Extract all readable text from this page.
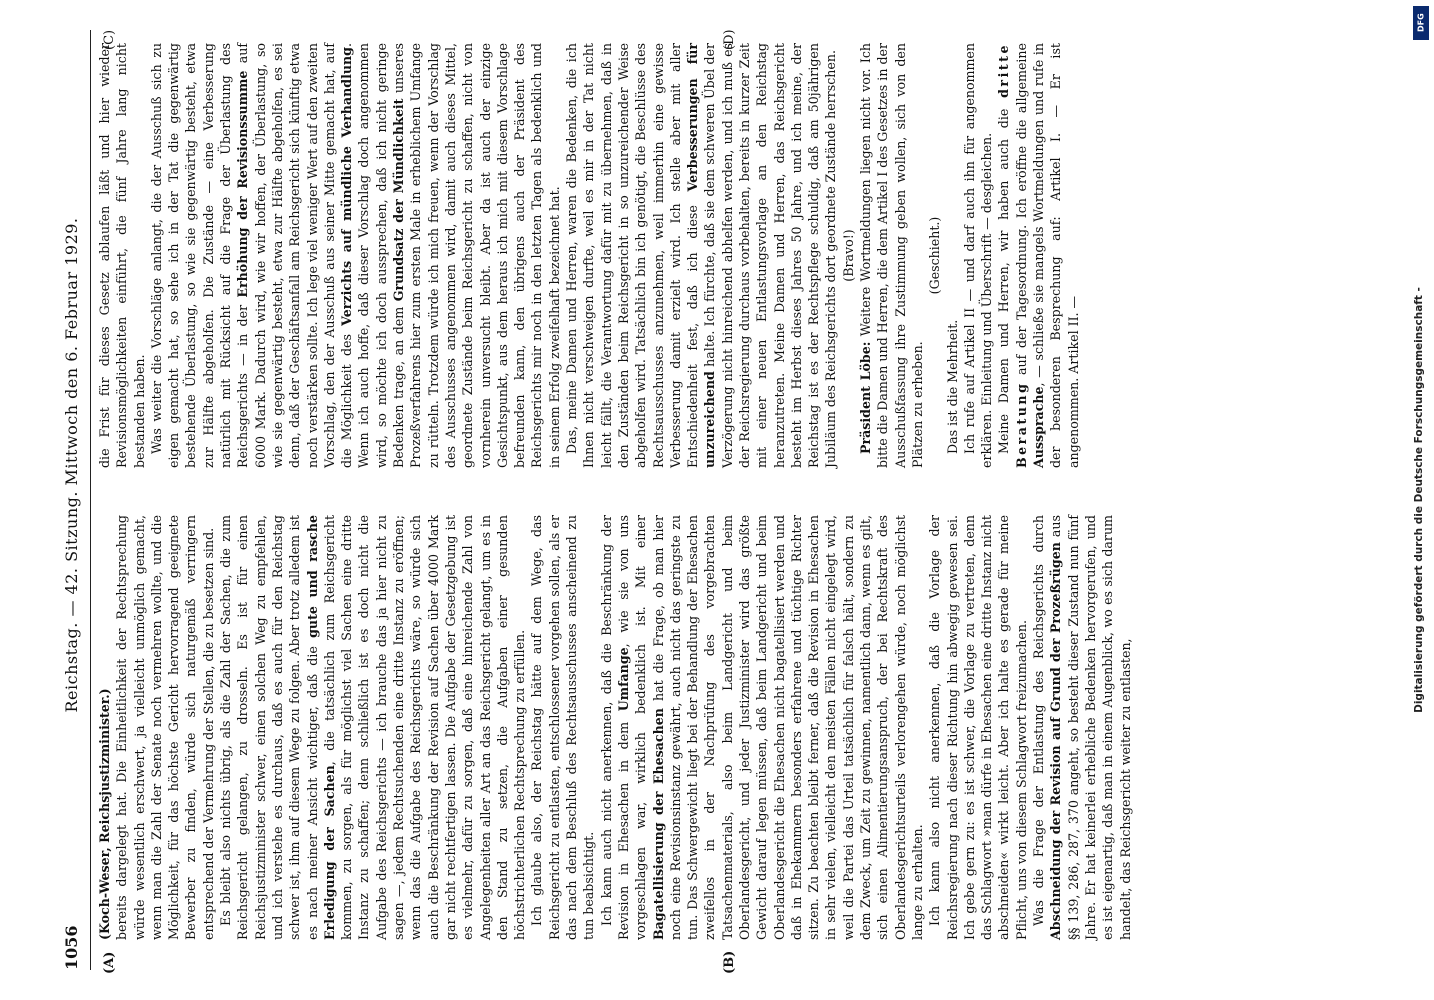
1056
Reichstag. — 42. Sitzung. Mittwoch den 6. Februar 1929.
(A)	(B)
(C)	(D)

(Koch-Weser, Reichsjustizminister.) bereits dargelegt hat. Die Einheitlichkeit der Rechtsprechung würde wesentlich erschwert, ja vielleicht unmöglich gemacht, wenn man die Zahl der Senate noch vermehren wollte, und die Möglichkeit, für das höchste Gericht hervorragend geeignete Bewerber zu finden, würde sich naturgemäß verringern entsprechend der Vermehrung der Stellen, die zu besetzen sind. Es bleibt also nichts übrig, als die Zahl der Sachen, die zum Reichsgericht gelangen, zu drosseln. Es ist für einen Reichsjustizminister schwer, einen solchen Weg zu empfehlen, und ich verstehe es durchaus, daß es auch für den Reichstag schwer ist, ihm auf diesem Wege zu folgen. Aber trotz alledem ist es nach meiner Ansicht wichtiger, daß die gute und rasche Erledigung der Sachen, die tatsächlich zum Reichsgericht kommen, zu sorgen, als für möglichst viel Sachen eine dritte Instanz zu schaffen; denn schließlich ist es doch nicht die Aufgabe des Reichsgerichts — ich brauche das ja hier nicht zu sagen —, jedem Rechtsuchenden eine dritte Instanz zu eröffnen; wenn das die Aufgabe des Reichsgerichts wäre, so würde sich auch die Beschränkung der Revision auf Sachen über 4000 Mark gar nicht rechtfertigen lassen. Die Aufgabe der Gesetzgebung ist es vielmehr, dafür zu sorgen, daß eine hinreichende Zahl von Angelegenheiten aller Art an das Reichsgericht gelangt, um es in den Stand zu setzen, die Aufgaben einer gesunden höchstrichterlichen Rechtsprechung zu erfüllen. Ich glaube also, der Reichstag hätte auf dem Wege, das Reichsgericht zu entlasten, entschlossener vorgehen sollen, als er das nach dem Beschluß des Rechtsausschusses anscheinend zu tun beabsichtigt. Ich kann auch nicht anerkennen, daß die Beschränkung der Revision in Ehesachen in dem Umfange, wie sie von uns vorgeschlagen war, wirklich bedenklich ist. Mit einer Bagatellisierung der Ehesachen hat die Frage, ob man hier noch eine Revisionsinstanz gewährt, auch nicht das geringste zu tun. Das Schwergewicht liegt bei der Behandlung der Ehesachen zweifellos in der Nachprüfung des vorgebrachten Tatsachenmaterials, also beim Landgericht und beim Oberlandesgericht, und jeder Justizminister wird das größte Gewicht darauf legen müssen, daß beim Landgericht und beim Oberlandesgericht die Ehesachen nicht bagatellisiert werden und daß in Ehekammern besonders erfahrene und tüchtige Richter sitzen. Zu beachten bleibt ferner, daß die Revision in Ehesachen in sehr vielen, vielleicht den meisten Fällen nicht eingelegt wird, weil die Partei das Urteil tatsächlich für falsch hält, sondern zu dem Zweck, um Zeit zu gewinnen, namentlich dann, wenn es gilt, sich einen Alimentierungsanspruch, der bei Rechtskraft des Oberlandesgerichtsurteils verlorengehen würde, noch möglichst lange zu erhalten. Ich kann also nicht anerkennen, daß die Vorlage der Reichsregierung nach dieser Richtung hin abwegig gewesen sei. Ich gebe gern zu: es ist schwer, die Vorlage zu vertreten, denn das Schlagwort »man dürfe in Ehesachen eine dritte Instanz nicht abschneiden« wirkt leicht. Aber ich halte es gerade für meine Pflicht, uns von diesem Schlagwort freizumachen. Was die Frage der Entlastung des Reichsgerichts durch Abschneidung der Revision auf Grund der Prozeßrügen aus §§ 139, 286, 287, 370 angeht, so besteht dieser Zustand nun fünf Jahre. Er hat keinerlei erhebliche Bedenken hervorgerufen, und es ist eigenartig, daß man in einem Augenblick, wo es sich darum handelt, das Reichsgericht weiter zu entlasten,

die Frist für dieses Gesetz ablaufen läßt und hier wieder Revisionsmöglichkeiten einführt, die fünf Jahre lang nicht bestanden haben. Was weiter die Vorschläge anlangt, die der Ausschuß sich zu eigen gemacht hat, so sehe ich in der Tat die gegenwärtig bestehende Überlastung, so wie sie gegenwärtig besteht, etwa zur Hälfte abgeholfen. Die Zustände — eine Verbesserung natürlich mit Rücksicht auf die Frage der Überlastung des Reichsgerichts — in der Erhöhung der Revisionssumme auf 6000 Mark. Dadurch wird, wie wir hoffen, der Überlastung, so wie sie gegenwärtig besteht, etwa zur Hälfte abgeholfen, es sei denn, daß der Geschäftsanfall am Reichsgericht sich künftig etwa noch verstärken sollte. Ich lege viel weniger Wert auf den zweiten Vorschlag, den der Ausschuß aus seiner Mitte gemacht hat, auf die Möglichkeit des Verzichts auf mündliche Verhandlung. Wenn ich auch hoffe, daß dieser Vorschlag doch angenommen wird, so möchte ich doch aussprechen, daß ich nicht geringe Bedenken trage, an dem Grundsatz der Mündlichkeit unseres Prozeßverfahrens hier zum ersten Male in erheblichem Umfange zu rütteln. Trotzdem würde ich mich freuen, wenn der Vorschlag des Ausschusses angenommen wird, damit auch dieses Mittel, geordnete Zustände beim Reichsgericht zu schaffen, nicht von vornherein unversucht bleibt. Aber da ist auch der einzige Gesichtspunkt, aus dem heraus ich mich mit diesem Vorschlage befreunden kann, den übrigens auch der Präsident des Reichsgerichts mir noch in den letzten Tagen als bedenklich und in seinem Erfolg zweifelhaft bezeichnet hat. Das, meine Damen und Herren, waren die Bedenken, die ich Ihnen nicht verschweigen durfte, weil es mir in der Tat nicht leicht fällt, die Verantwortung dafür mit zu übernehmen, daß in den Zuständen beim Reichsgericht in so unzureichender Weise abgeholfen wird. Tatsächlich bin ich genötigt, die Beschlüsse des Rechtsausschusses anzunehmen, weil immerhin eine gewisse Verbesserung damit erzielt wird. Ich stelle aber mit aller Entschiedenheit fest, daß ich diese Verbesserungen für unzureichend halte. Ich fürchte, daß sie dem schweren Übel der Verzögerung nicht hinreichend abhelfen werden, und ich muß es der Reichsregierung durchaus vorbehalten, bereits in kurzer Zeit mit einer neuen Entlastungsvorlage an den Reichstag heranzutreten. Meine Damen und Herren, das Reichsgericht besteht im Herbst dieses Jahres 50 Jahre, und ich meine, der Reichstag ist es der Rechtspflege schuldig, daß am 50jährigen Jubiläum des Reichsgerichts dort geordnete Zustände herrschen. (Bravo!)

Präsident Löbe: Weitere Wortmeldungen liegen nicht vor. Ich bitte die Damen und Herren, die dem Artikel I des Gesetzes in der Ausschußfassung ihre Zustimmung geben wollen, sich von den Plätzen zu erheben.

(Geschieht.)

Das ist die Mehrheit. Ich rufe auf Artikel II — und darf auch ihn für angenommen erklären. Einleitung und Überschrift — desgleichen. Meine Damen und Herren, wir haben auch die dritte Beratung auf der Tagesordnung. Ich eröffne die allgemeine Aussprache, — schließe sie mangels Wortmeldungen und rufe in der besonderen Besprechung auf: Artikel I. — Er ist angenommen. Artikel II. —	Digitalisierung gefördert durch die Deutsche Forschungsgemeinschaft -
DFG
